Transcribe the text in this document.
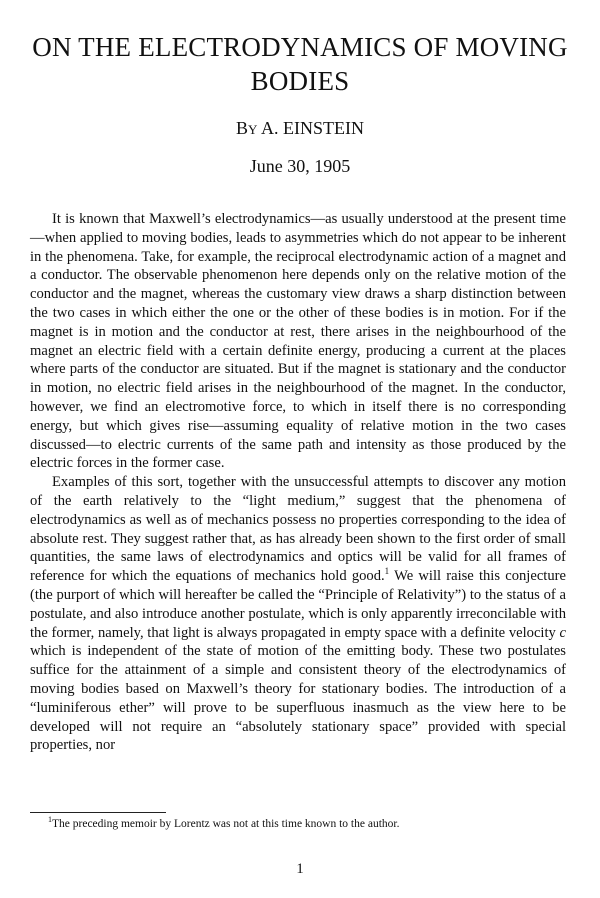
ON THE ELECTRODYNAMICS OF MOVING BODIES
By A. EINSTEIN
June 30, 1905

It is known that Maxwell’s electrodynamics—as usually understood at the present time—when applied to moving bodies, leads to asymmetries which do not appear to be inherent in the phenomena. Take, for example, the reciprocal electrodynamic action of a magnet and a conductor. The observable phenomenon here depends only on the relative motion of the conductor and the magnet, whereas the customary view draws a sharp distinction between the two cases in which either the one or the other of these bodies is in motion. For if the magnet is in motion and the conductor at rest, there arises in the neighbourhood of the magnet an electric field with a certain definite energy, producing a current at the places where parts of the conductor are situated. But if the magnet is stationary and the conductor in motion, no electric field arises in the neighbourhood of the magnet. In the conductor, however, we find an electromotive force, to which in itself there is no corresponding energy, but which gives rise—assuming equality of relative motion in the two cases discussed—to electric currents of the same path and intensity as those produced by the electric forces in the former case.

Examples of this sort, together with the unsuccessful attempts to discover any motion of the earth relatively to the “light medium,” suggest that the phenomena of electrodynamics as well as of mechanics possess no properties corresponding to the idea of absolute rest. They suggest rather that, as has already been shown to the first order of small quantities, the same laws of electrodynamics and optics will be valid for all frames of reference for which the equations of mechanics hold good.$^1$ We will raise this conjecture (the purport of which will hereafter be called the “Principle of Relativity”) to the status of a postulate, and also introduce another postulate, which is only apparently irreconcilable with the former, namely, that light is always propagated in empty space with a definite velocity c which is independent of the state of motion of the emitting body. These two postulates suffice for the attainment of a simple and consistent theory of the electrodynamics of moving bodies based on Maxwell’s theory for stationary bodies. The introduction of a “luminiferous ether” will prove to be superfluous inasmuch as the view here to be developed will not require an “absolutely stationary space” provided with special properties, nor

$^1$The preceding memoir by Lorentz was not at this time known to the author.
1
